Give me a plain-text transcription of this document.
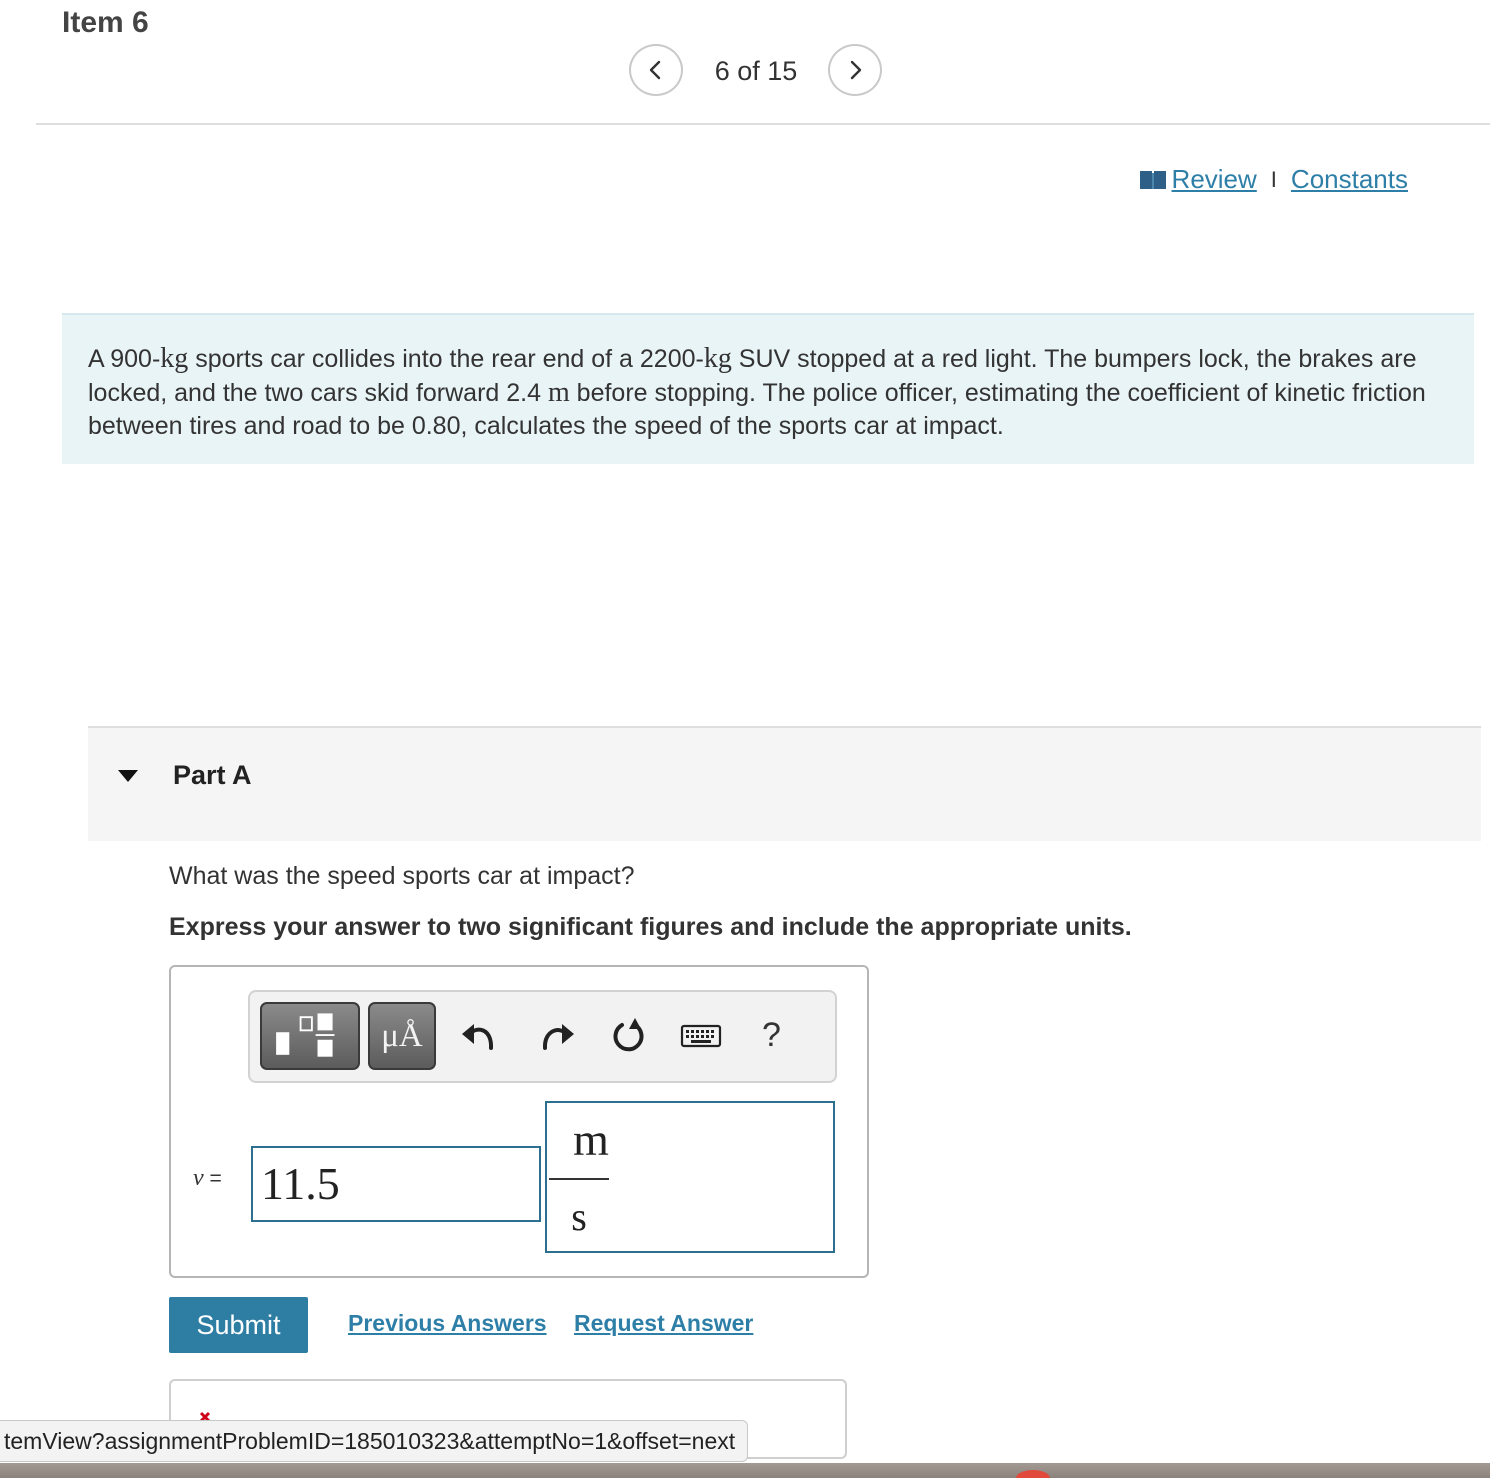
Item 6
6 of 15
Review I Constants
A 900-kg sports car collides into the rear end of a 2200-kg SUV stopped at a red light. The bumpers lock, the brakes are locked, and the two cars skid forward 2.4 m before stopping. The police officer, estimating the coefficient of kinetic friction between tires and road to be 0.80, calculates the speed of the sports car at impact.
Part A
What was the speed sports car at impact?
Express your answer to two significant figures and include the appropriate units.
μÅ	?
v = 11.5
m
s
Submit	Previous Answers Request Answer
temView?assignmentProblemID=185010323&attemptNo=1&offset=next
